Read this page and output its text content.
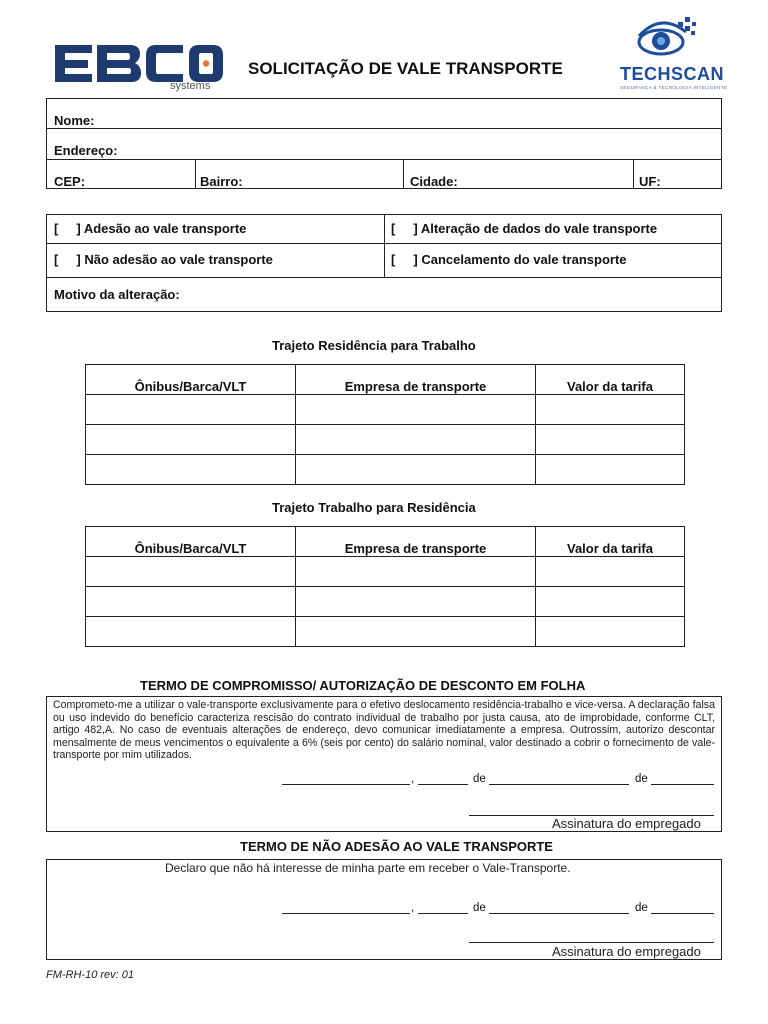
systems
SOLICITAÇÃO DE VALE TRANSPORTE	TECHSCAN
SEGURANÇA & TECNOLOGIA INTELIGENTE
Nome:
Endereço:
CEP:	Bairro:	Cidade:	UF:
[     ] Adesão ao vale transporte	[     ] Alteração de dados do vale transporte
[     ] Não adesão ao vale transporte	[     ] Cancelamento do vale transporte
Motivo da alteração:
Trajeto Residência para Trabalho
Ônibus/Barca/VLT	Empresa de transporte	Valor da tarifa

Trajeto Trabalho para Residência
Ônibus/Barca/VLT	Empresa de transporte	Valor da tarifa

TERMO DE COMPROMISSO/ AUTORIZAÇÃO DE DESCONTO EM FOLHA
Comprometo-me a utilizar o vale-transporte exclusivamente para o efetivo deslocamento residência-trabalho e vice-versa. A declaração falsa ou uso indevido do benefício caracteriza rescisão do contrato individual de trabalho por justa causa, ato de improbidade, conforme CLT, artigo 482,A. No caso de eventuais alterações de endereço, devo comunicar imediatamente a empresa. Outrossim, autorizo descontar mensalmente de meus vencimentos o equivalente a 6% (seis por cento) do salário nominal, valor destinado a cobrir o fornecimento de vale-transporte por mim utilizados.
,	de	de
Assinatura do empregado
TERMO DE NÃO ADESÃO AO VALE TRANSPORTE
Declaro que não há interesse de minha parte em receber o Vale-Transporte.
,	de	de
Assinatura do empregado
FM-RH-10 rev: 01
